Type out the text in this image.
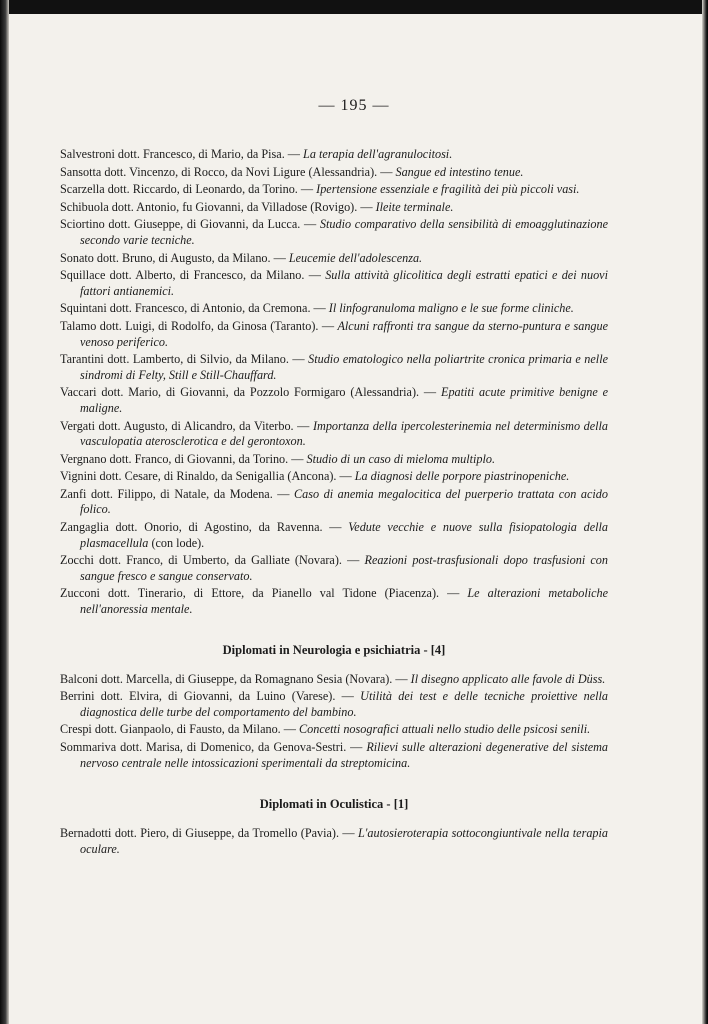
— 195 —
Salvestroni dott. Francesco, di Mario, da Pisa. — La terapia dell'agranulocitosi.
Sansotta dott. Vincenzo, di Rocco, da Novi Ligure (Alessandria). — Sangue ed intestino tenue.
Scarzella dott. Riccardo, di Leonardo, da Torino. — Ipertensione essenziale e fragilità dei più piccoli vasi.
Schibuola dott. Antonio, fu Giovanni, da Villadose (Rovigo). — Ileite terminale.
Sciortino dott. Giuseppe, di Giovanni, da Lucca. — Studio comparativo della sensibilità di emoagglutinazione secondo varie tecniche.
Sonato dott. Bruno, di Augusto, da Milano. — Leucemie dell'adolescenza.
Squillace dott. Alberto, di Francesco, da Milano. — Sulla attività glicolitica degli estratti epatici e dei nuovi fattori antianemici.
Squintani dott. Francesco, di Antonio, da Cremona. — Il linfogranuloma maligno e le sue forme cliniche.
Talamo dott. Luigi, di Rodolfo, da Ginosa (Taranto). — Alcuni raffronti tra sangue da sterno-puntura e sangue venoso periferico.
Tarantini dott. Lamberto, di Silvio, da Milano. — Studio ematologico nella poliartrite cronica primaria e nelle sindromi di Felty, Still e Still-Chauffard.
Vaccari dott. Mario, di Giovanni, da Pozzolo Formigaro (Alessandria). — Epatiti acute primitive benigne e maligne.
Vergati dott. Augusto, di Alicandro, da Viterbo. — Importanza della ipercolesterinemia nel determinismo della vasculopatia aterosclerotica e del gerontoxon.
Vergnano dott. Franco, di Giovanni, da Torino. — Studio di un caso di mieloma multiplo.
Vignini dott. Cesare, di Rinaldo, da Senigallia (Ancona). — La diagnosi delle porpore piastrinopeniche.
Zanfi dott. Filippo, di Natale, da Modena. — Caso di anemia megalocitica del puerperio trattata con acido folico.
Zangaglia dott. Onorio, di Agostino, da Ravenna. — Vedute vecchie e nuove sulla fisiopatologia della plasmacellula (con lode).
Zocchi dott. Franco, di Umberto, da Galliate (Novara). — Reazioni post-trasfusionali dopo trasfusioni con sangue fresco e sangue conservato.
Zucconi dott. Tinerario, di Ettore, da Pianello val Tidone (Piacenza). — Le alterazioni metaboliche nell'anoressia mentale.
Diplomati in Neurologia e psichiatria - [4]
Balconi dott. Marcella, di Giuseppe, da Romagnano Sesia (Novara). — Il disegno applicato alle favole di Düss.
Berrini dott. Elvira, di Giovanni, da Luino (Varese). — Utilità dei test e delle tecniche proiettive nella diagnostica delle turbe del comportamento del bambino.
Crespi dott. Gianpaolo, di Fausto, da Milano. — Concetti nosografici attuali nello studio delle psicosi senili.
Sommariva dott. Marisa, di Domenico, da Genova-Sestri. — Rilievi sulle alterazioni degenerative del sistema nervoso centrale nelle intossicazioni sperimentali da streptomicina.
Diplomati in Oculistica - [1]
Bernadotti dott. Piero, di Giuseppe, da Tromello (Pavia). — L'autosieroterapia sottocongiuntivale nella terapia oculare.
